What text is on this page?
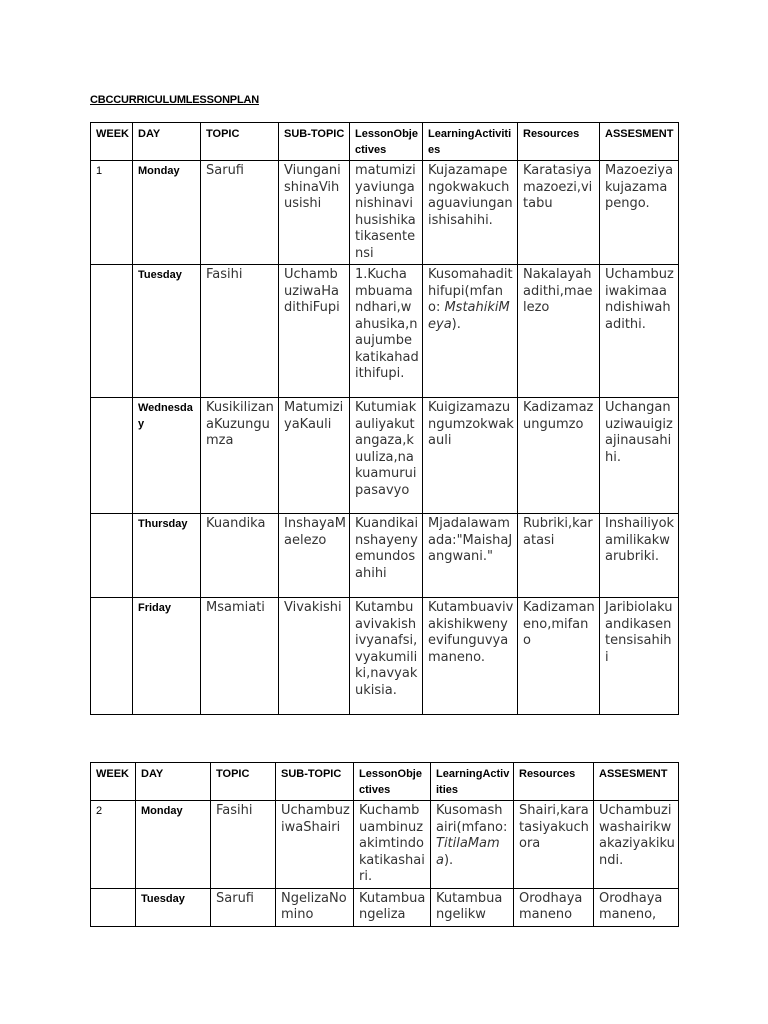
CBCCURRICULUMLESSONPLAN
WEEK	DAY	TOPIC	SUB-TOPIC	LessonObjectives	LearningActivities	Resources	ASSESMENT
1	Monday	Sarufi	ViunganishinaVihusishi	matumiziyaviunganishinavihusishikatikasentensi	Kujazamapengokwakuchaguaviunganishisahihi.	Karatasiyamazoezi,vitabu	Mazoeziyakujazamapengo.
	Tuesday	Fasihi	UchambuziwaHadithiFupi	1.Kuchambuamandhari,wahusika,naujumbekatikahadithifupi.	Kusomahadithifupi(mfano: MstahikiMeya).	Nakalayahadithi,maelezo	Uchambuziwakimaandishiwahadithi.
	Wednesday	KusikilizanaKuzungumza	MatumiziyaKauli	Kutumiakauliyakutangaza,kuuliza,nakuamuruipasavyo	Kuigizamazungumzokwakauli	Kadizamazungumzo	Uchanganuziwauigizajinausahihi.
	Thursday	Kuandika	InshayaMaelezo	Kuandikainshayenyemundosahihi	Mjadalawamada:"MaishaJangwani."	Rubriki,karatasi	Inshailiyokamilikakwarubriki.
	Friday	Msamiati	Vivakishi	Kutambuavivakishivyanafsi,vyakumiliki,navyakukisia.	Kutambuavivakishikwenyevifunguvyamaneno.	Kadizamaneno,mifano	Jaribiolakuandikasentensisahihi
WEEK	DAY	TOPIC	SUB-TOPIC	LessonObjectives	LearningActivities	Resources	ASSESMENT
2	Monday	Fasihi	UchambuziwaShairi	Kuchambuambinuzakimtindokatikashairi.	Kusomashairi(mfano: TitilaMama).	Shairi,karatasiyakuchora	Uchambuziwashairikwakaziyakikundi.
	Tuesday	Sarufi	NgelizaNomino	Kutambuangeliza	Kutambuangelikw	Orodhayamaneno	Orodhaya maneno,
